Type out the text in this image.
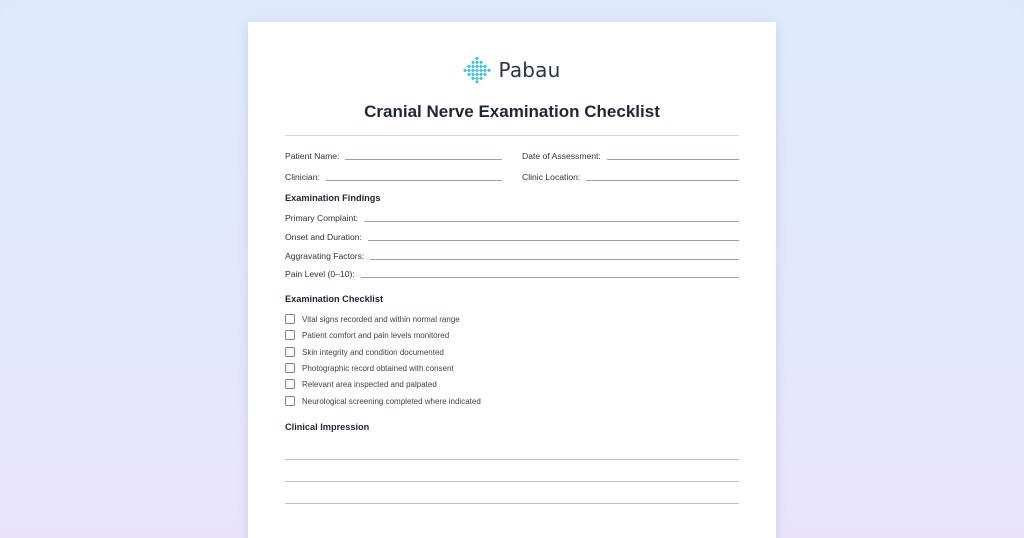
Pabau
Cranial Nerve Examination Checklist
Patient Name:	Date of Assessment:
Clinician:	Clinic Location:
Examination Findings
Primary Complaint:
Onset and Duration:
Aggravating Factors:
Pain Level (0–10):
Examination Checklist
Vital signs recorded and within normal range
Patient comfort and pain levels monitored
Skin integrity and condition documented
Photographic record obtained with consent
Relevant area inspected and palpated
Neurological screening completed where indicated
Clinical Impression
